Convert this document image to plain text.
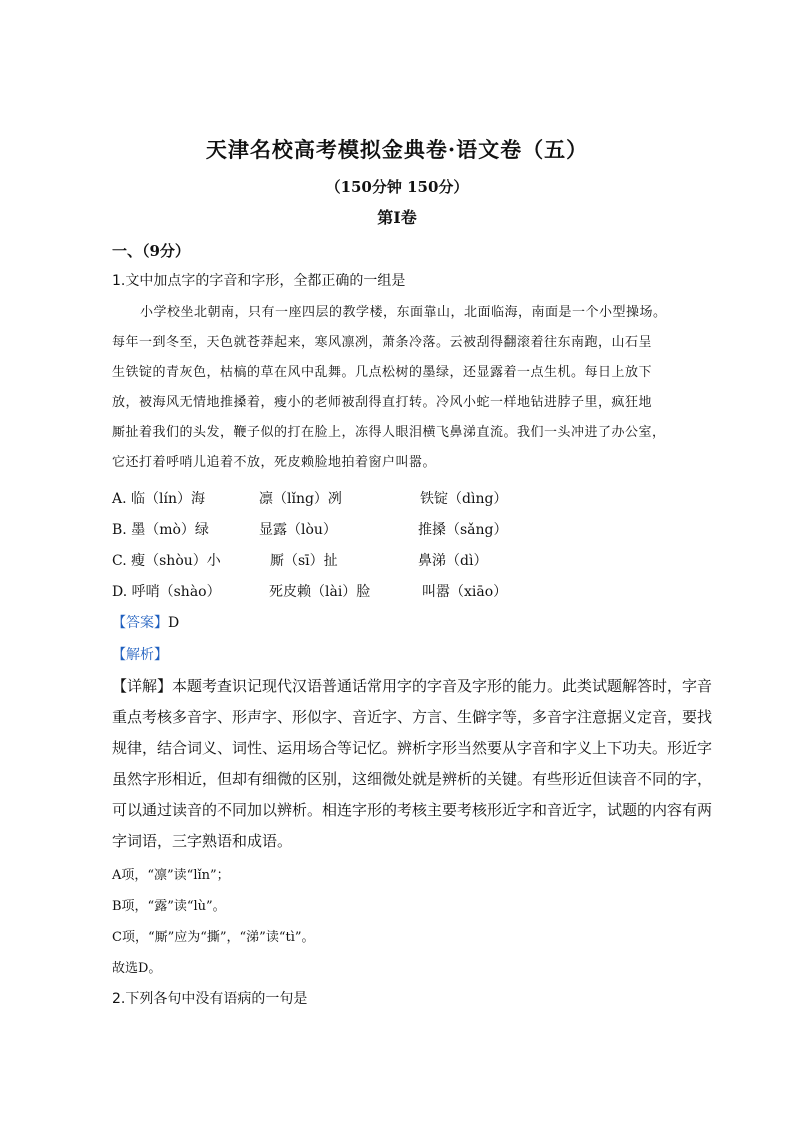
天津名校高考模拟金典卷·语文卷（五）
（150分钟 150分）
第Ⅰ卷
一、（9分）
1.文中加点字的字音和字形，全都正确的一组是
小学校坐北朝南，只有一座四层的教学楼，东面靠山，北面临海，南面是一个小型操场。
每年一到冬至，天色就苍莽起来，寒风凛冽，萧条冷落。云被刮得翻滚着往东南跑，山石呈
生铁锭的青灰色，枯槁的草在风中乱舞。几点松树的墨绿，还显露着一点生机。每日上放下
放，被海风无情地推搡着，瘦小的老师被刮得直打转。冷风小蛇一样地钻进脖子里，疯狂地
厮扯着我们的头发，鞭子似的打在脸上，冻得人眼泪横飞鼻涕直流。我们一头冲进了办公室，
它还打着呼哨儿追着不放，死皮赖脸地拍着窗户叫嚣。
A. 临（lín）海	凛（lǐng）冽	铁锭（dìng）
B. 墨（mò）绿	显露（lòu）	推搡（sǎng）
C. 瘦（shòu）小	厮（sī）扯	鼻涕（dì）
D. 呼哨（shào）	死皮赖（lài）脸	叫嚣（xiāo）
【答案】D
【解析】
【详解】本题考查识记现代汉语普通话常用字的字音及字形的能力。此类试题解答时，字音
重点考核多音字、形声字、形似字、音近字、方言、生僻字等，多音字注意据义定音，要找
规律，结合词义、词性、运用场合等记忆。辨析字形当然要从字音和字义上下功夫。形近字
虽然字形相近，但却有细微的区别，这细微处就是辨析的关键。有些形近但读音不同的字，
可以通过读音的不同加以辨析。相连字形的考核主要考核形近字和音近字，试题的内容有两
字词语，三字熟语和成语。
A项，“凛”读“lǐn”；
B项，“露”读“lù”。
C项，“厮”应为“撕”，“涕”读“tì”。
故选D。
2.下列各句中没有语病的一句是
